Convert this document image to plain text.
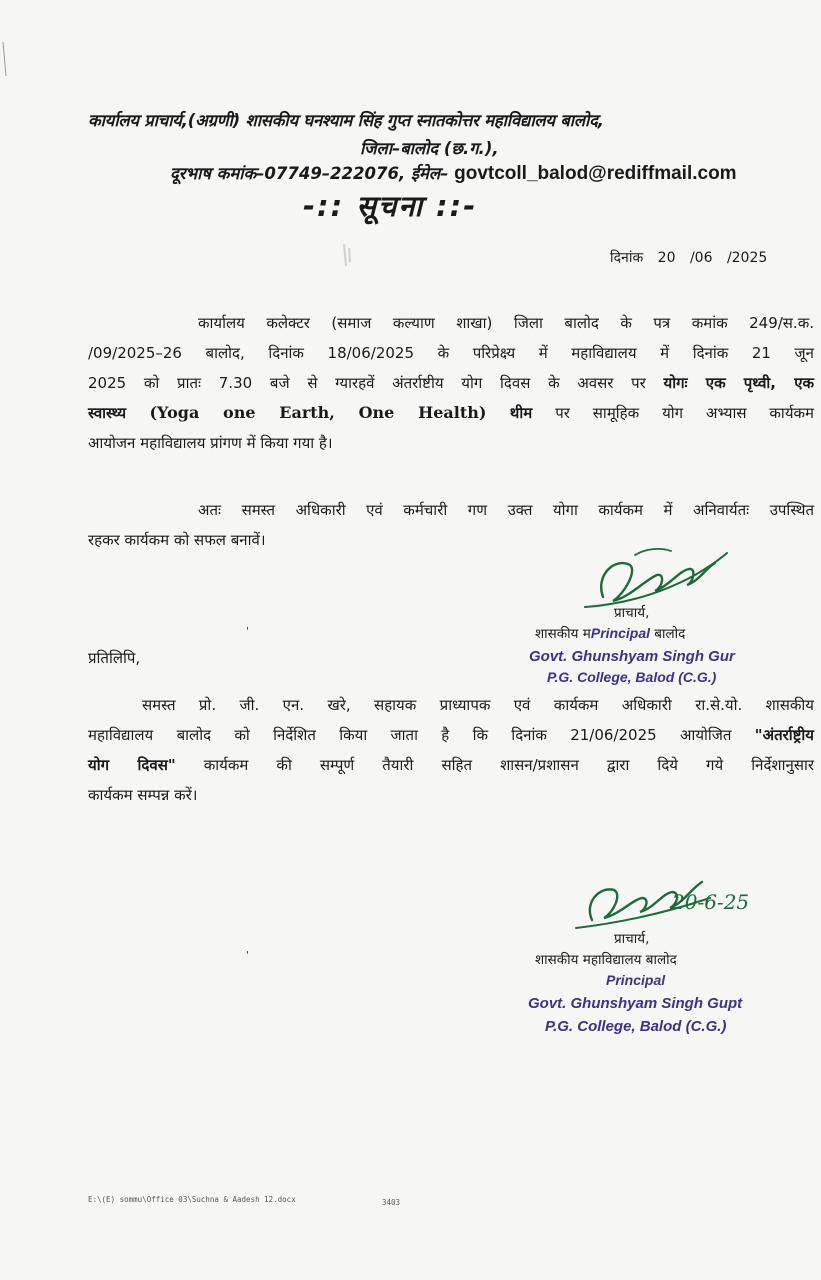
कार्यालय प्राचार्य,(अग्रणी) शासकीय घनश्याम सिंह गुप्त स्नातकोत्तर महाविद्यालय बालोद,
जिला–बालोद (छ.ग.),
दूरभाष कमांक–07749–222076, ईमेल– govtcoll_balod@rediffmail.com
-:: सूचना ::-
दिनांक 20 /06 /2025
कार्यालय कलेक्टर (समाज कल्याण शाखा) जिला बालोद के पत्र कमांक 249/स.क.
/09/2025–26 बालोद, दिनांक 18/06/2025 के परिप्रेक्ष्य में महाविद्यालय में दिनांक 21 जून
2025 को प्रातः 7.30 बजे से ग्यारहवें अंतर्राष्टीय योग दिवस के अवसर पर योगः एक पृथ्वी, एक
स्वास्थ्य (Yoga one Earth, One Health) थीम पर सामूहिक योग अभ्यास कार्यकम
आयोजन महाविद्यालय प्रांगण में किया गया है।
अतः समस्त अधिकारी एवं कर्मचारी गण उक्त योगा कार्यकम में अनिवार्यतः उपस्थित
रहकर कार्यकम को सफल बनावें।
प्राचार्य,
शासकीय मPrincipal बालोद
Govt. Ghunshyam Singh Gur
P.G. College, Balod (C.G.)
'
प्रतिलिपि,
समस्त प्रो. जी. एन. खरे, सहायक प्राध्यापक एवं कार्यकम अधिकारी रा.से.यो. शासकीय
महाविद्यालय बालोद को निर्देशित किया जाता है कि दिनांक 21/06/2025 आयोजित "अंतर्राष्ट्रीय
योग दिवस" कार्यकम की सम्पूर्ण तैयारी सहित शासन/प्रशासन द्वारा दिये गये निर्देशानुसार
कार्यकम सम्पन्न करें।
20-6-25
प्राचार्य,
शासकीय महाविद्यालय बालोद
Principal
Govt. Ghunshyam Singh Gupt
P.G. College, Balod (C.G.)
'
E:\(E) sommu\Office 03\Suchna & Aadesh 12.docx	3403
